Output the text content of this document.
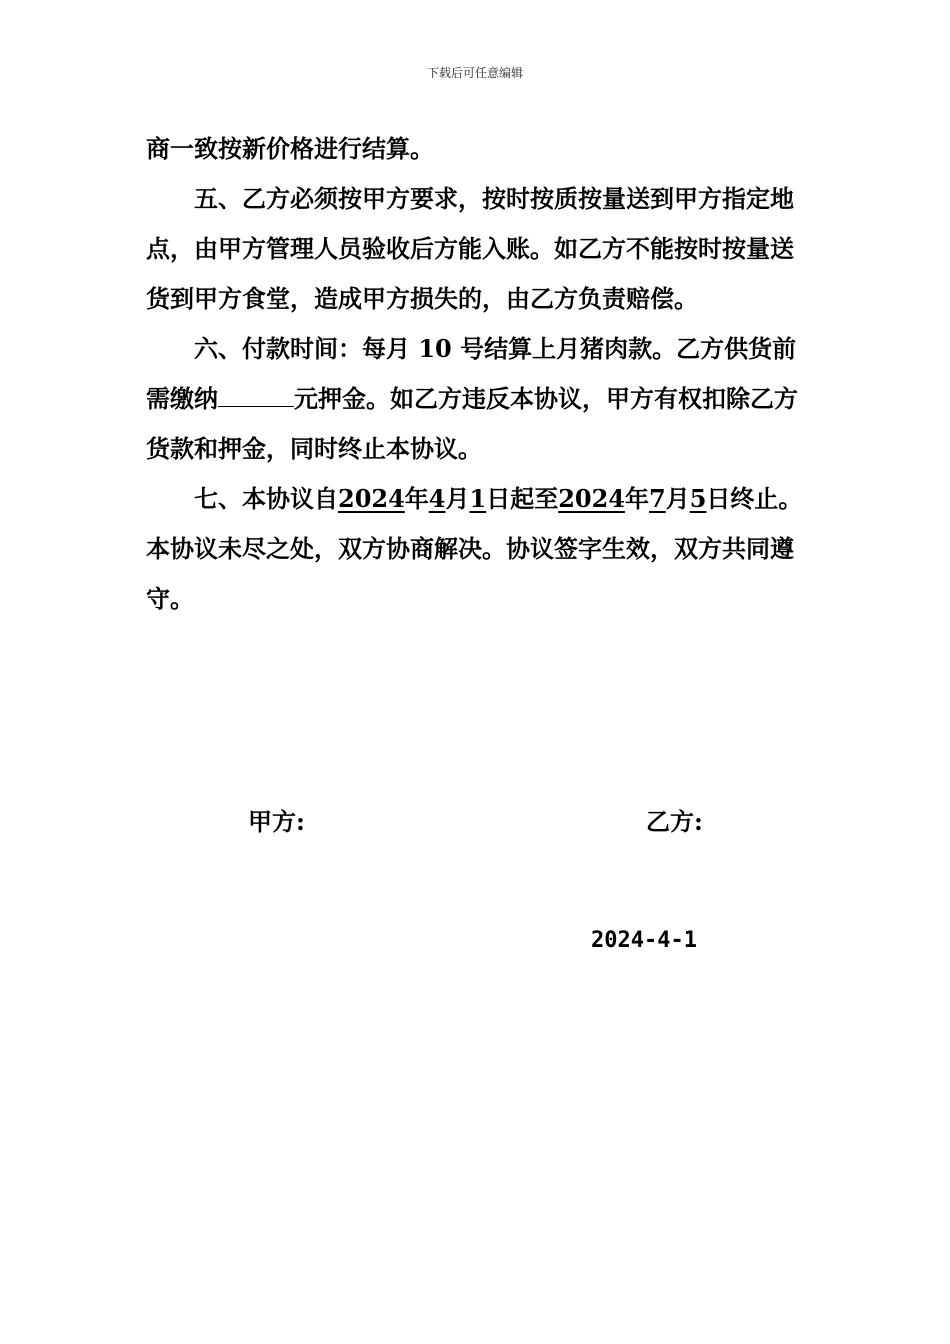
下载后可任意编辑

商一致按新价格进行结算。

五、乙方必须按甲方要求，按时按质按量送到甲方指定地点，由甲方管理人员验收后方能入账。如乙方不能按时按量送货到甲方食堂，造成甲方损失的，由乙方负责赔偿。

六、付款时间：每月 10 号结算上月猪肉款。乙方供货前需缴纳	元押金。如乙方违反本协议，甲方有权扣除乙方货款和押金，同时终止本协议。

七、本协议自2024年4月1日起至2024年7月5日终止。本协议未尽之处，双方协商解决。协议签字生效，双方共同遵守。

甲方:	乙方:
2024-4-1
